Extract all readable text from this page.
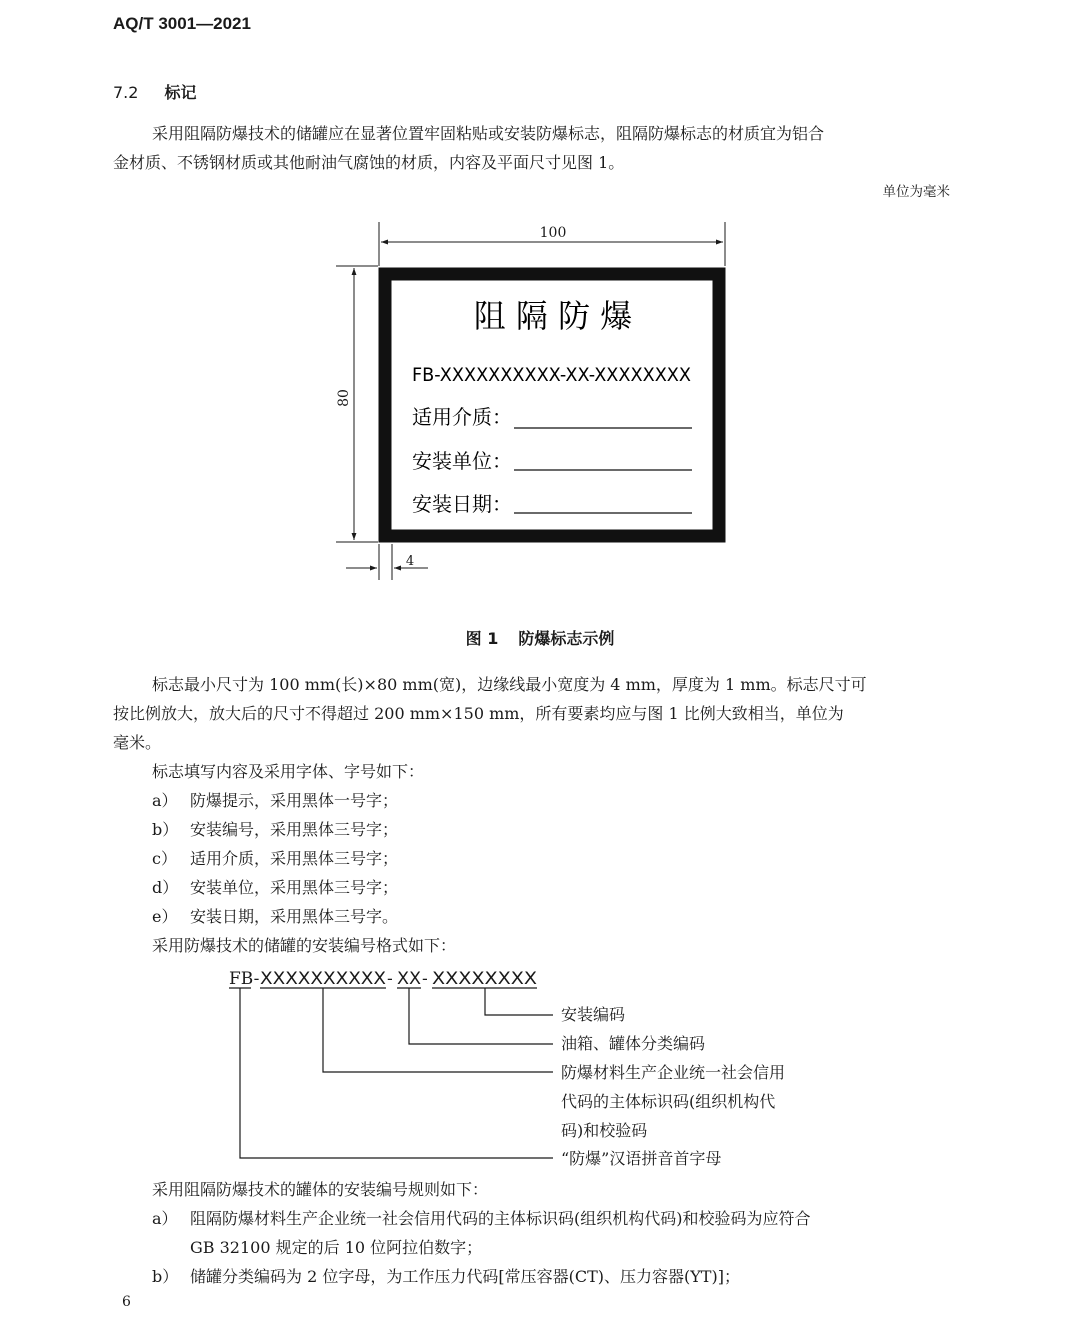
AQ/T 3001—2021
7.2 标记
采用阻隔防爆技术的储罐应在显著位置牢固粘贴或安装防爆标志，阻隔防爆标志的材质宜为铝合
金材质、不锈钢材质或其他耐油气腐蚀的材质，内容及平面尺寸见图 1。
单位为毫米
100
80
4
阻 隔 防 爆
FB-XXXXXXXXXX-XX-XXXXXXXX
适用介质：
安装单位：
安装日期：
图 1 防爆标志示例
标志最小尺寸为 100 mm(长)×80 mm(宽)，边缘线最小宽度为 4 mm，厚度为 1 mm。标志尺寸可
按比例放大，放大后的尺寸不得超过 200 mm×150 mm，所有要素均应与图 1 比例大致相当，单位为
毫米。
标志填写内容及采用字体、字号如下：
a） 防爆提示，采用黑体一号字；
b） 安装编号，采用黑体三号字；
c） 适用介质，采用黑体三号字；
d） 安装单位，采用黑体三号字；
e） 安装日期，采用黑体三号字。
采用防爆技术的储罐的安装编号格式如下：
FB- XXXXXXXXXX - XX - XXXXXXXX
安装编码
油箱、罐体分类编码
防爆材料生产企业统一社会信用
代码的主体标识码(组织机构代
码)和校验码
“防爆”汉语拼音首字母
采用阻隔防爆技术的罐体的安装编号规则如下：
a） 阻隔防爆材料生产企业统一社会信用代码的主体标识码(组织机构代码)和校验码为应符合
GB 32100 规定的后 10 位阿拉伯数字；
b） 储罐分类编码为 2 位字母，为工作压力代码[常压容器(CT)、压力容器(YT)]；
6
